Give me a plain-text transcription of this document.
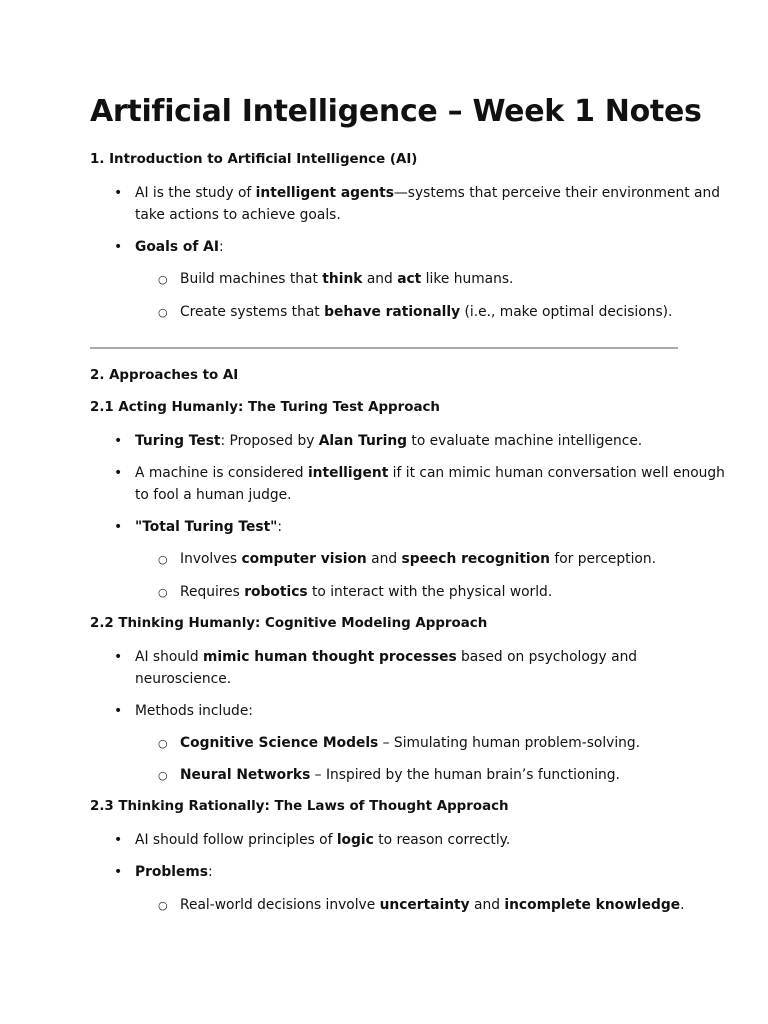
Artificial Intelligence – Week 1 Notes
1. Introduction to Artificial Intelligence (AI)
• AI is the study of intelligent agents—systems that perceive their environment and
take actions to achieve goals.
• Goals of AI:
○ Build machines that think and act like humans.
○ Create systems that behave rationally (i.e., make optimal decisions).
2. Approaches to AI
2.1 Acting Humanly: The Turing Test Approach
• Turing Test: Proposed by Alan Turing to evaluate machine intelligence.
• A machine is considered intelligent if it can mimic human conversation well enough
to fool a human judge.
• "Total Turing Test":
○ Involves computer vision and speech recognition for perception.
○ Requires robotics to interact with the physical world.
2.2 Thinking Humanly: Cognitive Modeling Approach
• AI should mimic human thought processes based on psychology and
neuroscience.
• Methods include:
○ Cognitive Science Models – Simulating human problem-solving.
○ Neural Networks – Inspired by the human brain’s functioning.
2.3 Thinking Rationally: The Laws of Thought Approach
• AI should follow principles of logic to reason correctly.
• Problems:
○ Real-world decisions involve uncertainty and incomplete knowledge.
